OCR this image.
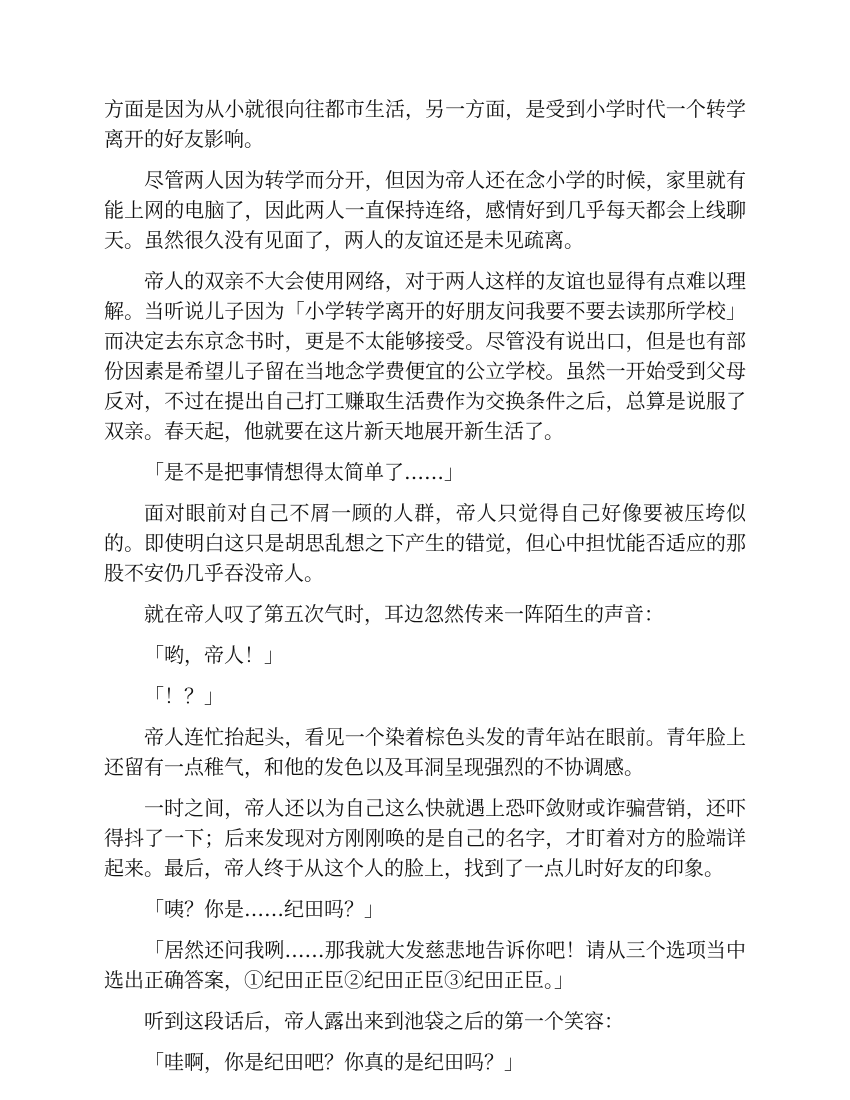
方面是因为从小就很向往都市生活，另一方面，是受到小学时代一个转学离开的好友影响。

尽管两人因为转学而分开，但因为帝人还在念小学的时候，家里就有能上网的电脑了，因此两人一直保持连络，感情好到几乎每天都会上线聊天。虽然很久没有见面了，两人的友谊还是未见疏离。

帝人的双亲不大会使用网络，对于两人这样的友谊也显得有点难以理解。当听说儿子因为「小学转学离开的好朋友问我要不要去读那所学校」而决定去东京念书时，更是不太能够接受。尽管没有说出口，但是也有部份因素是希望儿子留在当地念学费便宜的公立学校。虽然一开始受到父母反对，不过在提出自己打工赚取生活费作为交换条件之后，总算是说服了双亲。春天起，他就要在这片新天地展开新生活了。

「是不是把事情想得太简单了……」

面对眼前对自己不屑一顾的人群，帝人只觉得自己好像要被压垮似的。即使明白这只是胡思乱想之下产生的错觉，但心中担忧能否适应的那股不安仍几乎吞没帝人。

就在帝人叹了第五次气时，耳边忽然传来一阵陌生的声音：

「哟，帝人！」

「！？」

帝人连忙抬起头，看见一个染着棕色头发的青年站在眼前。青年脸上还留有一点稚气，和他的发色以及耳洞呈现强烈的不协调感。

一时之间，帝人还以为自己这么快就遇上恐吓敛财或诈骗营销，还吓得抖了一下；后来发现对方刚刚唤的是自己的名字，才盯着对方的脸端详起来。最后，帝人终于从这个人的脸上，找到了一点儿时好友的印象。

「咦？你是……纪田吗？」

「居然还问我咧……那我就大发慈悲地告诉你吧！请从三个选项当中选出正确答案，①纪田正臣②纪田正臣③纪田正臣。」

听到这段话后，帝人露出来到池袋之后的第一个笑容：

「哇啊，你是纪田吧？你真的是纪田吗？」
